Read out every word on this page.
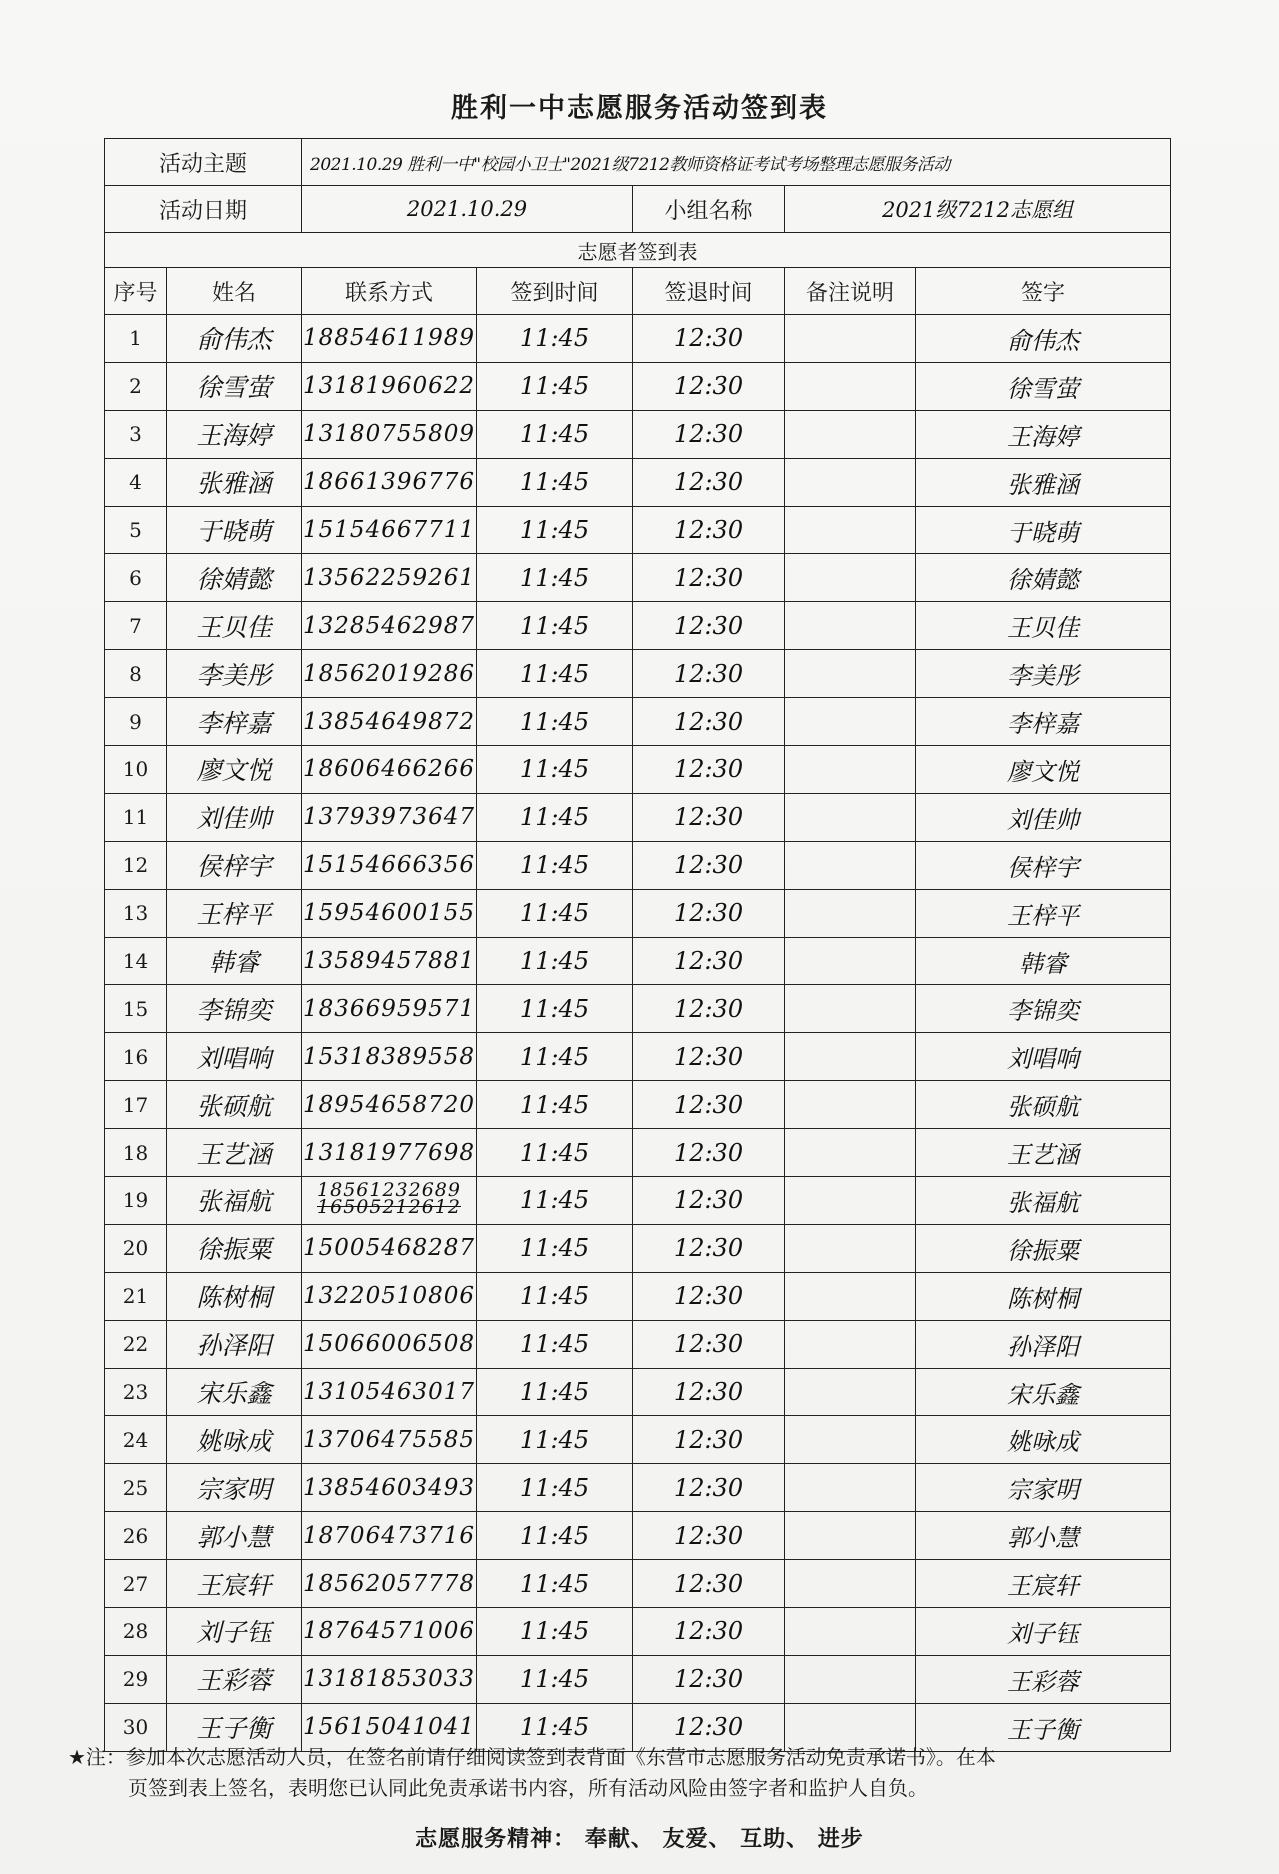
胜利一中志愿服务活动签到表
活动主题		2021.10.29 胜利一中"校园小卫士"2021级7212教师资格证考试考场整理志愿服务活动				
活动日期		2021.10.29		小组名称	2021级7212志愿组	
志愿者签到表						
序号	姓名	联系方式	签到时间	签退时间	备注说明	签字
1	俞伟杰	18854611989	11:45	12:30		俞伟杰
2	徐雪萤	13181960622	11:45	12:30		徐雪萤
3	王海婷	13180755809	11:45	12:30		王海婷
4	张雅涵	18661396776	11:45	12:30		张雅涵
5	于晓萌	15154667711	11:45	12:30		于晓萌
6	徐婧懿	13562259261	11:45	12:30		徐婧懿
7	王贝佳	13285462987	11:45	12:30		王贝佳
8	李美彤	18562019286	11:45	12:30		李美彤
9	李梓嘉	13854649872	11:45	12:30		李梓嘉
10	廖文悦	18606466266	11:45	12:30		廖文悦
11	刘佳帅	13793973647	11:45	12:30		刘佳帅
12	侯梓宇	15154666356	11:45	12:30		侯梓宇
13	王梓平	15954600155	11:45	12:30		王梓平
14	韩睿	13589457881	11:45	12:30		韩睿
15	李锦奕	18366959571	11:45	12:30		李锦奕
16	刘唱响	15318389558	11:45	12:30		刘唱响
17	张硕航	18954658720	11:45	12:30		张硕航
18	王艺涵	13181977698	11:45	12:30		王艺涵
19	张福航	18561232689
16505212612	11:45	12:30		张福航
20	徐振粟	15005468287	11:45	12:30		徐振粟
21	陈树桐	13220510806	11:45	12:30		陈树桐
22	孙泽阳	15066006508	11:45	12:30		孙泽阳
23	宋乐鑫	13105463017	11:45	12:30		宋乐鑫
24	姚咏成	13706475585	11:45	12:30		姚咏成
25	宗家明	13854603493	11:45	12:30		宗家明
26	郭小慧	18706473716	11:45	12:30		郭小慧
27	王宸轩	18562057778	11:45	12:30		王宸轩
28	刘子钰	18764571006	11:45	12:30		刘子钰
29	王彩蓉	13181853033	11:45	12:30		王彩蓉
30	王子衡	15615041041	11:45	12:30		王子衡
★注：参加本次志愿活动人员，在签名前请仔细阅读签到表背面《东营市志愿服务活动免责承诺书》。在本
页签到表上签名，表明您已认同此免责承诺书内容，所有活动风险由签字者和监护人自负。
志愿服务精神： 奉献、 友爱、 互助、 进步
